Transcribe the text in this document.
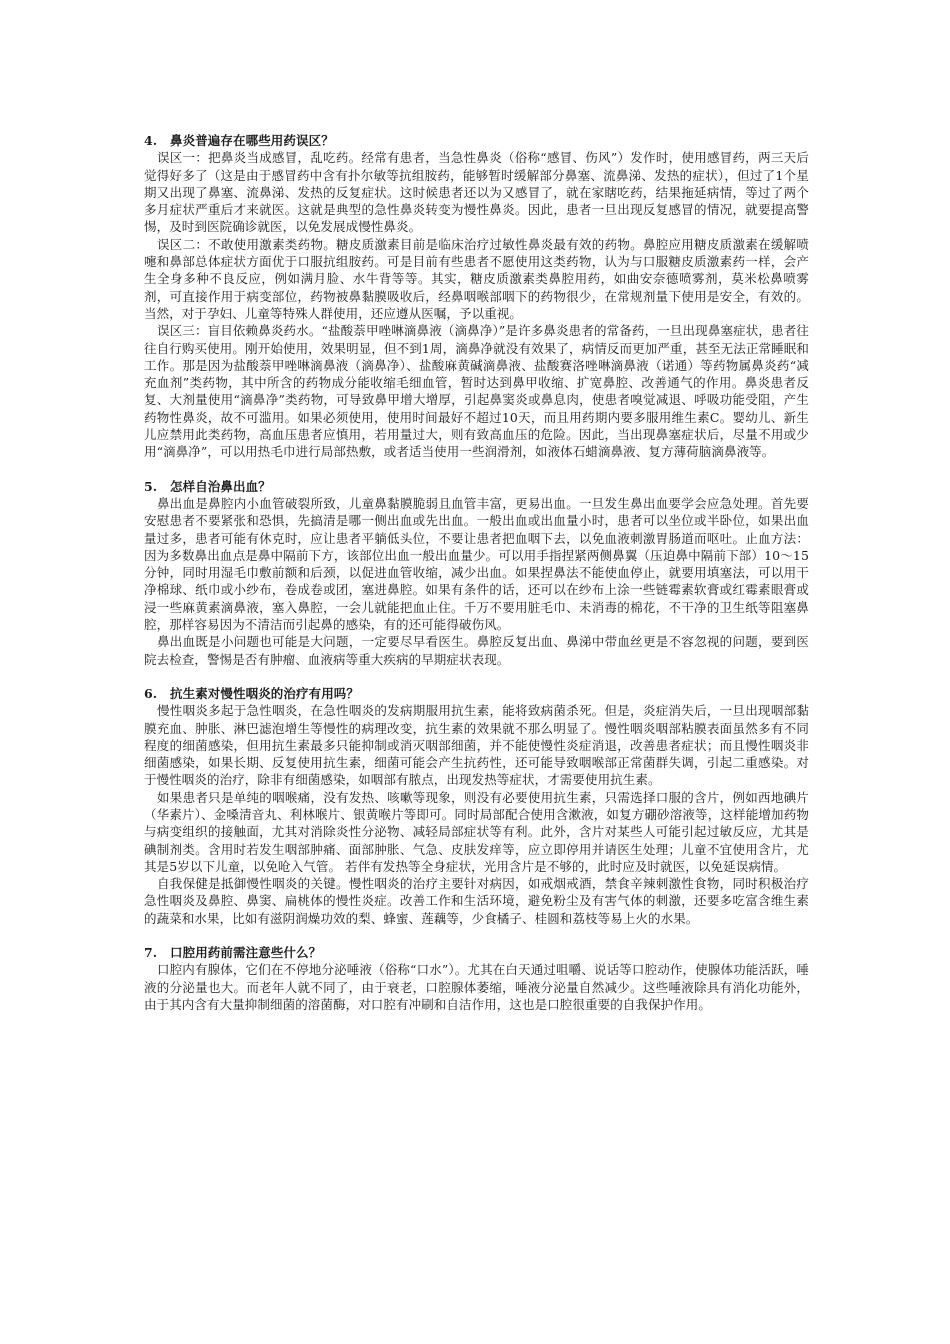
4. 鼻炎普遍存在哪些用药误区？

误区一：把鼻炎当成感冒，乱吃药。经常有患者，当急性鼻炎（俗称“感冒、伤风”）发作时，使用感冒药，两三天后觉得好多了（这是由于感冒药中含有扑尔敏等抗组胺药，能够暂时缓解部分鼻塞、流鼻涕、发热的症状），但过了1个星期又出现了鼻塞、流鼻涕、发热的反复症状。这时候患者还以为又感冒了，就在家瞎吃药，结果拖延病情，等过了两个多月症状严重后才来就医。这就是典型的急性鼻炎转变为慢性鼻炎。因此，患者一旦出现反复感冒的情况，就要提高警惕，及时到医院确诊就医，以免发展成慢性鼻炎。

误区二：不敢使用激素类药物。糖皮质激素目前是临床治疗过敏性鼻炎最有效的药物。鼻腔应用糖皮质激素在缓解喷嚏和鼻部总体症状方面优于口服抗组胺药。可是目前有些患者不愿使用这类药物，认为与口服糖皮质激素药一样，会产生全身多种不良反应，例如满月脸、水牛背等等。其实，糖皮质激素类鼻腔用药，如曲安奈德喷雾剂，莫米松鼻喷雾剂，可直接作用于病变部位，药物被鼻黏膜吸收后，经鼻咽喉部咽下的药物很少，在常规剂量下使用是安全，有效的。当然，对于孕妇、儿童等特殊人群使用，还应遵从医嘱，予以重视。

误区三：盲目依赖鼻炎药水。“盐酸萘甲唑啉滴鼻液（滴鼻净）”是许多鼻炎患者的常备药，一旦出现鼻塞症状，患者往往自行购买使用。刚开始使用，效果明显，但不到1周，滴鼻净就没有效果了，病情反而更加严重，甚至无法正常睡眠和工作。那是因为盐酸萘甲唑啉滴鼻液（滴鼻净）、盐酸麻黄碱滴鼻液、盐酸赛洛唑啉滴鼻液（诺通）等药物属鼻炎药“减充血剂”类药物，其中所含的药物成分能收缩毛细血管，暂时达到鼻甲收缩、扩宽鼻腔、改善通气的作用。鼻炎患者反复、大剂量使用“滴鼻净”类药物，可导致鼻甲增大增厚，引起鼻窦炎或鼻息肉，使患者嗅觉减退、呼吸功能受阻，产生药物性鼻炎，故不可滥用。如果必须使用，使用时间最好不超过10天，而且用药期内要多服用维生素C。婴幼儿、新生儿应禁用此类药物，高血压患者应慎用，若用量过大，则有致高血压的危险。因此，当出现鼻塞症状后，尽量不用或少用“滴鼻净”，可以用热毛巾进行局部热敷，或者适当使用一些润滑剂，如液体石蜡滴鼻液、复方薄荷脑滴鼻液等。

5. 怎样自治鼻出血？

鼻出血是鼻腔内小血管破裂所致，儿童鼻黏膜脆弱且血管丰富，更易出血。一旦发生鼻出血要学会应急处理。首先要安慰患者不要紧张和恐惧，先搞清是哪一侧出血或先出血。一般出血或出血量小时，患者可以坐位或半卧位，如果出血量过多，患者可能有休克时，应让患者平躺低头位，不要让患者把血咽下去，以免血液刺激胃肠道而呕吐。止血方法：因为多数鼻出血点是鼻中隔前下方，该部位出血一般出血量少。可以用手指捏紧两侧鼻翼（压迫鼻中隔前下部）10～15分钟，同时用湿毛巾敷前额和后颈，以促进血管收缩，减少出血。如果捏鼻法不能使血停止，就要用填塞法，可以用干净棉球、纸巾或小纱布，卷成卷或团，塞进鼻腔。如果有条件的话，还可以在纱布上涂一些链霉素软膏或红霉素眼膏或浸一些麻黄素滴鼻液，塞入鼻腔，一会儿就能把血止住。千万不要用脏毛巾、未消毒的棉花，不干净的卫生纸等阻塞鼻腔，那样容易因为不清洁而引起鼻的感染，有的还可能得破伤风。

鼻出血既是小问题也可能是大问题，一定要尽早看医生。鼻腔反复出血、鼻涕中带血丝更是不容忽视的问题，要到医院去检查，警惕是否有肿瘤、血液病等重大疾病的早期症状表现。

6. 抗生素对慢性咽炎的治疗有用吗？

慢性咽炎多起于急性咽炎，在急性咽炎的发病期服用抗生素，能将致病菌杀死。但是，炎症消失后，一旦出现咽部黏膜充血、肿胀、淋巴滤泡增生等慢性的病理改变，抗生素的效果就不那么明显了。慢性咽炎咽部粘膜表面虽然多有不同程度的细菌感染，但用抗生素最多只能抑制或消灭咽部细菌，并不能使慢性炎症消退，改善患者症状；而且慢性咽炎非细菌感染，如果长期、反复使用抗生素，细菌可能会产生抗药性，还可能导致咽喉部正常菌群失调，引起二重感染。对于慢性咽炎的治疗，除非有细菌感染，如咽部有脓点，出现发热等症状，才需要使用抗生素。

如果患者只是单纯的咽喉痛，没有发热、咳嗽等现象，则没有必要使用抗生素，只需选择口服的含片，例如西地碘片（华素片）、金嗓清音丸、利林喉片、银黄喉片等即可。同时局部配合使用含漱液，如复方硼砂溶液等，这样能增加药物与病变组织的接触面，尤其对消除炎性分泌物、减轻局部症状等有利。此外，含片对某些人可能引起过敏反应，尤其是碘制剂类。含用时若发生咽部肿痛、面部肿胀、气急、皮肤发痒等，应立即停用并请医生处理；儿童不宜使用含片，尤其是5岁以下儿童，以免呛入气管。 若伴有发热等全身症状，光用含片是不够的，此时应及时就医，以免延误病情。

自我保健是抵御慢性咽炎的关键。慢性咽炎的治疗主要针对病因，如戒烟戒酒，禁食辛辣刺激性食物，同时积极治疗急性咽炎及鼻腔、鼻窦、扁桃体的慢性炎症。改善工作和生活环境，避免粉尘及有害气体的刺激，还要多吃富含维生素的蔬菜和水果，比如有滋阴润燥功效的梨、蜂蜜、莲藕等，少食橘子、桂圆和荔枝等易上火的水果。

7. 口腔用药前需注意些什么？

口腔内有腺体，它们在不停地分泌唾液（俗称“口水”）。尤其在白天通过咀嚼、说话等口腔动作，使腺体功能活跃，唾液的分泌量也大。而老年人就不同了，由于衰老，口腔腺体萎缩，唾液分泌量自然减少。这些唾液除具有消化功能外，由于其内含有大量抑制细菌的溶菌酶，对口腔有冲刷和自洁作用，这也是口腔很重要的自我保护作用。
